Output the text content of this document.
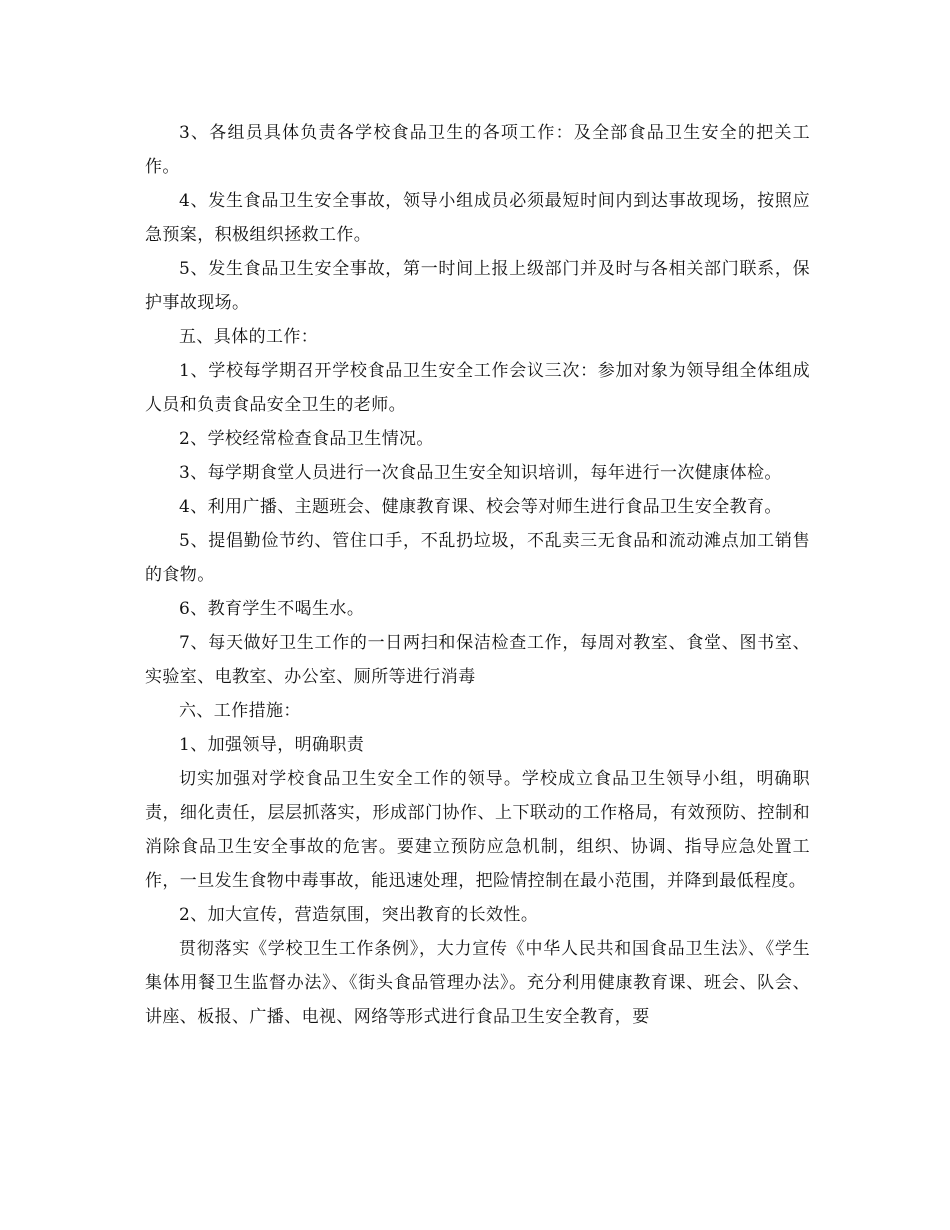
3、各组员具体负责各学校食品卫生的各项工作：及全部食品卫生安全的把关工作。

4、发生食品卫生安全事故，领导小组成员必须最短时间内到达事故现场，按照应急预案，积极组织拯救工作。

5、发生食品卫生安全事故，第一时间上报上级部门并及时与各相关部门联系，保护事故现场。

五、具体的工作：

1、学校每学期召开学校食品卫生安全工作会议三次：参加对象为领导组全体组成人员和负责食品安全卫生的老师。

2、学校经常检查食品卫生情况。

3、每学期食堂人员进行一次食品卫生安全知识培训，每年进行一次健康体检。

4、利用广播、主题班会、健康教育课、校会等对师生进行食品卫生安全教育。

5、提倡勤俭节约、管住口手，不乱扔垃圾，不乱卖三无食品和流动滩点加工销售的食物。

6、教育学生不喝生水。

7、每天做好卫生工作的一日两扫和保洁检查工作，每周对教室、食堂、图书室、实验室、电教室、办公室、厕所等进行消毒

六、工作措施：

1、加强领导，明确职责

切实加强对学校食品卫生安全工作的领导。学校成立食品卫生领导小组，明确职责，细化责任，层层抓落实，形成部门协作、上下联动的工作格局，有效预防、控制和消除食品卫生安全事故的危害。要建立预防应急机制，组织、协调、指导应急处置工作，一旦发生食物中毒事故，能迅速处理，把险情控制在最小范围，并降到最低程度。

2、加大宣传，营造氛围，突出教育的长效性。

贯彻落实《学校卫生工作条例》，大力宣传《中华人民共和国食品卫生法》、《学生集体用餐卫生监督办法》、《街头食品管理办法》。充分利用健康教育课、班会、队会、讲座、板报、广播、电视、网络等形式进行食品卫生安全教育，要
